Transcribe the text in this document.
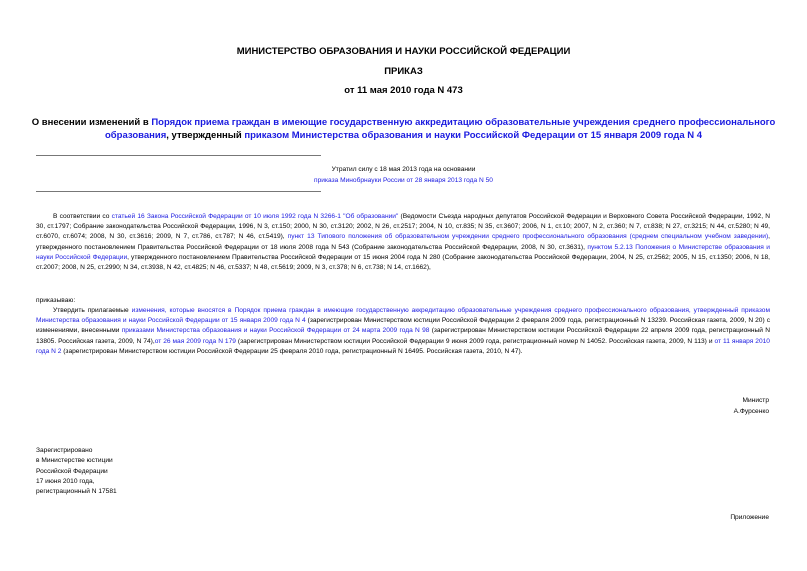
МИНИСТЕРСТВО ОБРАЗОВАНИЯ И НАУКИ РОССИЙСКОЙ ФЕДЕРАЦИИ
ПРИКАЗ
от 11 мая 2010 года N 473
О внесении изменений в Порядок приема граждан в имеющие государственную аккредитацию образовательные учреждения среднего профессионального образования, утвержденный приказом Министерства образования и науки Российской Федерации от 15 января 2009 года N 4
Утратил силу с 18 мая 2013 года на основании
приказа Минобрнауки России от 28 января 2013 года N 50
В соответствии со статьей 16 Закона Российской Федерации от 10 июля 1992 года N 3266-1 "Об образовании" (Ведомости Съезда народных депутатов Российской Федерации и Верховного Совета Российской Федерации, 1992, N 30, ст.1797; Собрание законодательства Российской Федерации, 1996, N 3, ст.150; 2000, N 30, ст.3120; 2002, N 26, ст.2517; 2004, N 10, ст.835; N 35, ст.3607; 2006, N 1, ст.10; 2007, N 2, ст.360; N 7, ст.838; N 27, ст.3215; N 44, ст.5280; N 49, ст.6070, ст.6074; 2008, N 30, ст.3616; 2009, N 7, ст.786, ст.787; N 46, ст.5419), пункт 13 Типового положения об образовательном учреждении среднего профессионального образования (среднем специальном учебном заведении), утвержденного постановлением Правительства Российской Федерации от 18 июля 2008 года N 543 (Собрание законодательства Российской Федерации, 2008, N 30, ст.3631), пунктом 5.2.13 Положения о Министерстве образования и науки Российской Федерации, утвержденного постановлением Правительства Российской Федерации от 15 июня 2004 года N 280 (Собрание законодательства Российской Федерации, 2004, N 25, ст.2562; 2005, N 15, ст.1350; 2006, N 18, ст.2007; 2008, N 25, ст.2990; N 34, ст.3938, N 42, ст.4825; N 46, ст.5337; N 48, ст.5619; 2009, N 3, ст.378; N 6, ст.738; N 14, ст.1662),
приказываю:
Утвердить прилагаемые изменения, которые вносятся в Порядок приема граждан в имеющие государственную аккредитацию образовательные учреждения среднего профессионального образования, утвержденный приказом Министерства образования и науки Российской Федерации от 15 января 2009 года N 4 (зарегистрирован Министерством юстиции Российской Федерации 2 февраля 2009 года, регистрационный N 13239. Российская газета, 2009, N 20) с изменениями, внесенными приказами Министерства образования и науки Российской Федерации от 24 марта 2009 года N 98 (зарегистрирован Министерством юстиции Российской Федерации 22 апреля 2009 года, регистрационный N 13805. Российская газета, 2009, N 74),от 26 мая 2009 года N 179 (зарегистрирован Министерством юстиции Российской Федерации 9 июня 2009 года, регистрационный номер N 14052. Российская газета, 2009, N 113) и от 11 января 2010 года N 2 (зарегистрирован Министерством юстиции Российской Федерации 25 февраля 2010 года, регистрационный N 16495. Российская газета, 2010, N 47).
Министр
А.Фурсенко
Зарегистрировано
в Министерстве юстиции
Российской Федерации
17 июня 2010 года,
регистрационный N 17581
Приложение
